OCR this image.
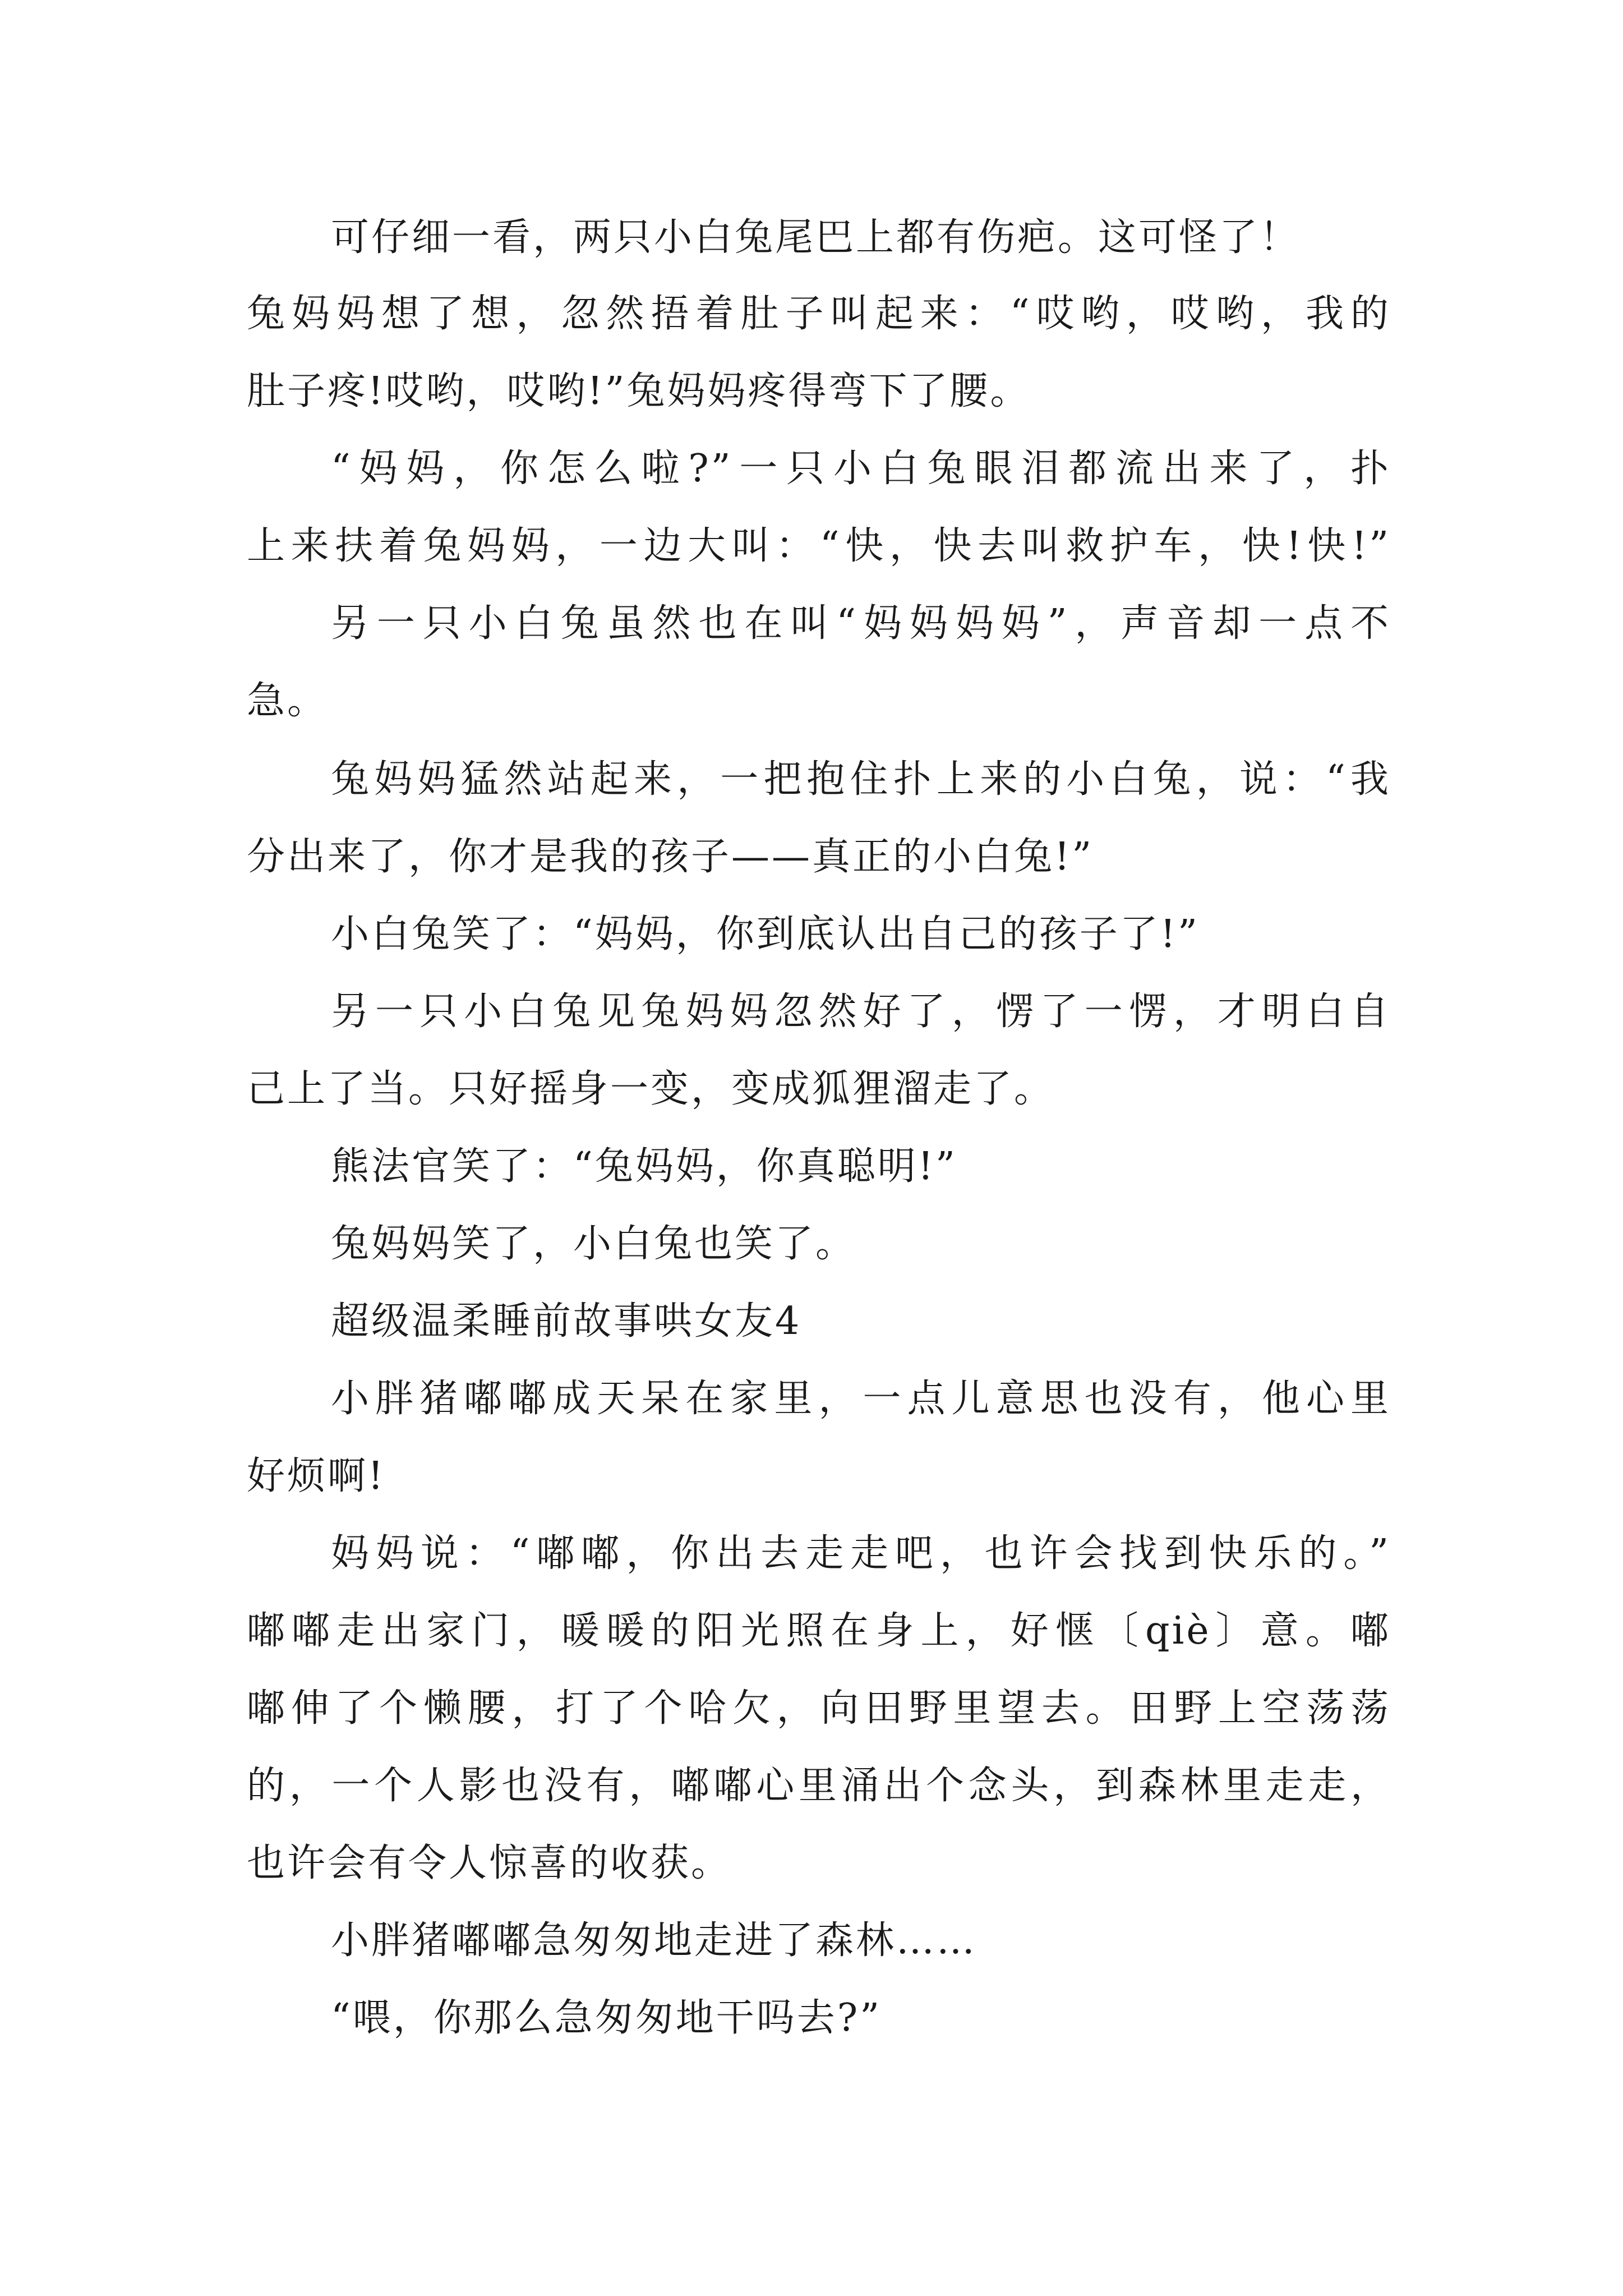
可仔细一看，两只小白兔尾巴上都有伤疤。这可怪了！
兔妈妈想了想，忽然捂着肚子叫起来：“哎哟，哎哟，我的
肚子疼!哎哟，哎哟!”兔妈妈疼得弯下了腰。
“妈妈，你怎么啦?”一只小白兔眼泪都流出来了，扑
上来扶着兔妈妈，一边大叫：“快，快去叫救护车，快!快!”
另一只小白兔虽然也在叫“妈妈妈妈”，声音却一点不
急。
兔妈妈猛然站起来，一把抱住扑上来的小白兔，说：“我
分出来了，你才是我的孩子——真正的小白兔!”
小白兔笑了：“妈妈，你到底认出自己的孩子了!”
另一只小白兔见兔妈妈忽然好了，愣了一愣，才明白自
己上了当。只好摇身一变，变成狐狸溜走了。
熊法官笑了：“兔妈妈，你真聪明!”
兔妈妈笑了，小白兔也笑了。
超级温柔睡前故事哄女友4
小胖猪嘟嘟成天呆在家里，一点儿意思也没有，他心里
好烦啊!
妈妈说：“嘟嘟，你出去走走吧，也许会找到快乐的。”
嘟嘟走出家门，暖暖的阳光照在身上，好惬〔qiè〕意。嘟
嘟伸了个懒腰，打了个哈欠，向田野里望去。田野上空荡荡
的，一个人影也没有，嘟嘟心里涌出个念头，到森林里走走，
也许会有令人惊喜的收获。
小胖猪嘟嘟急匆匆地走进了森林……
“喂，你那么急匆匆地干吗去?”
